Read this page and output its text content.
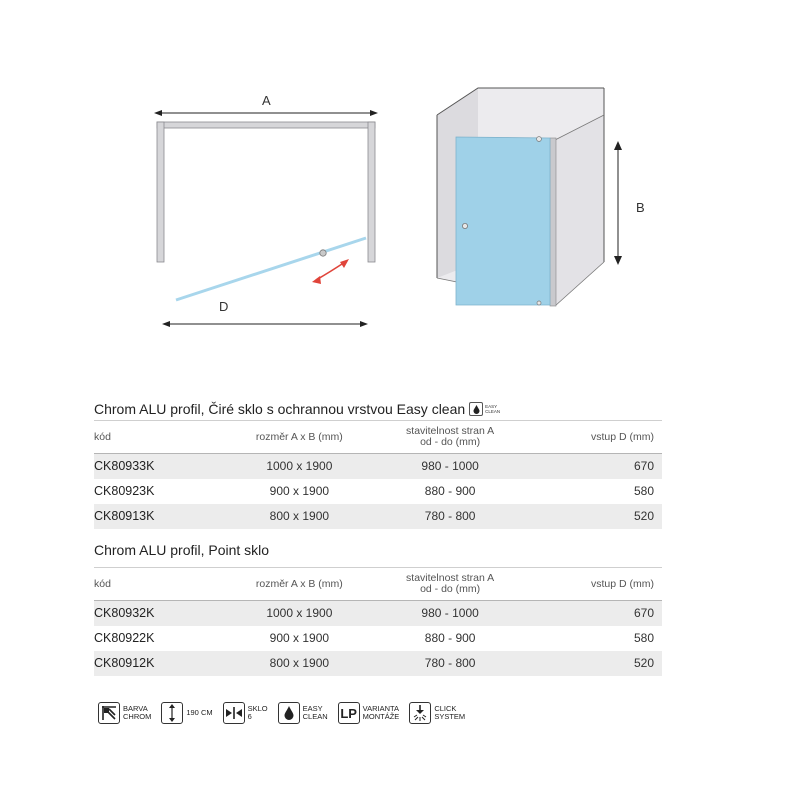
A
D
B
Chrom ALU profil, Čiré sklo s ochrannou vrstvou Easy clean	EASY
CLEAN
kód	rozměr A x B (mm)	stavitelnost stran A
od - do (mm)	vstup D (mm)
CK80933K	1000 x 1900	980 - 1000	670
CK80923K	900 x 1900	880 - 900	580
CK80913K	800 x 1900	780 - 800	520
Chrom ALU profil, Point sklo
kód	rozměr A x B (mm)	stavitelnost stran A
od - do (mm)	vstup D (mm)
CK80932K	1000 x 1900	980 - 1000	670
CK80922K	900 x 1900	880 - 900	580
CK80912K	800 x 1900	780 - 800	520
BARVA
CHROM	190 CM	SKLO
6
EASY
CLEAN LP VARIANTA
MONTÁŽE
CLICK
SYSTEM
